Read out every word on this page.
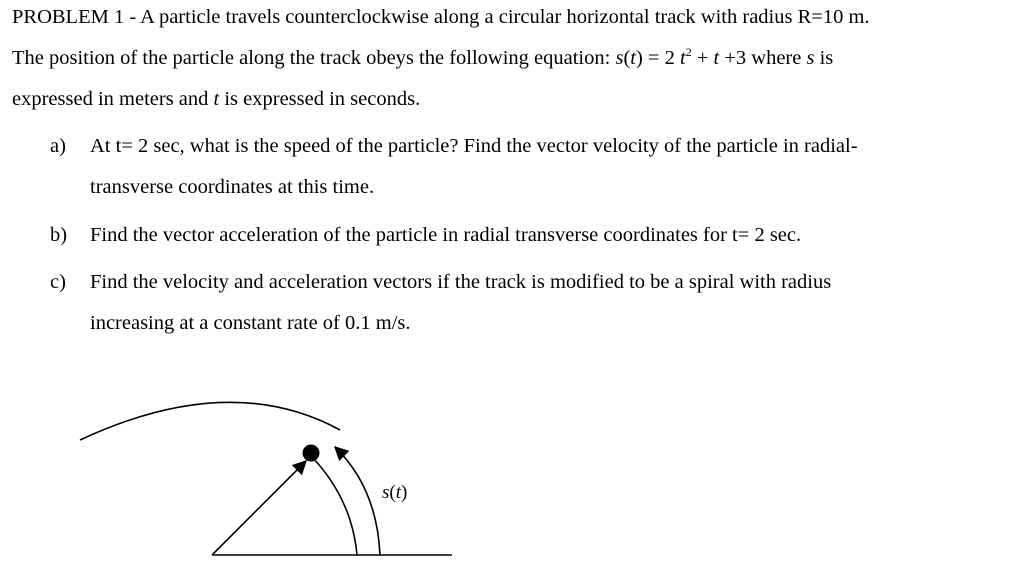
PROBLEM 1 - A particle travels counterclockwise along a circular horizontal track with radius R=10 m.
The position of the particle along the track obeys the following equation: s(t) = 2 $t^2 + t +3$ where s is
expressed in meters and t is expressed in seconds.
a) At t= 2 sec, what is the speed of the particle? Find the vector velocity of the particle in radial-
transverse coordinates at this time.
b) Find the vector acceleration of the particle in radial transverse coordinates for t= 2 sec.
c) Find the velocity and acceleration vectors if the track is modified to be a spiral with radius
increasing at a constant rate of 0.1 m/s.
s(t)
